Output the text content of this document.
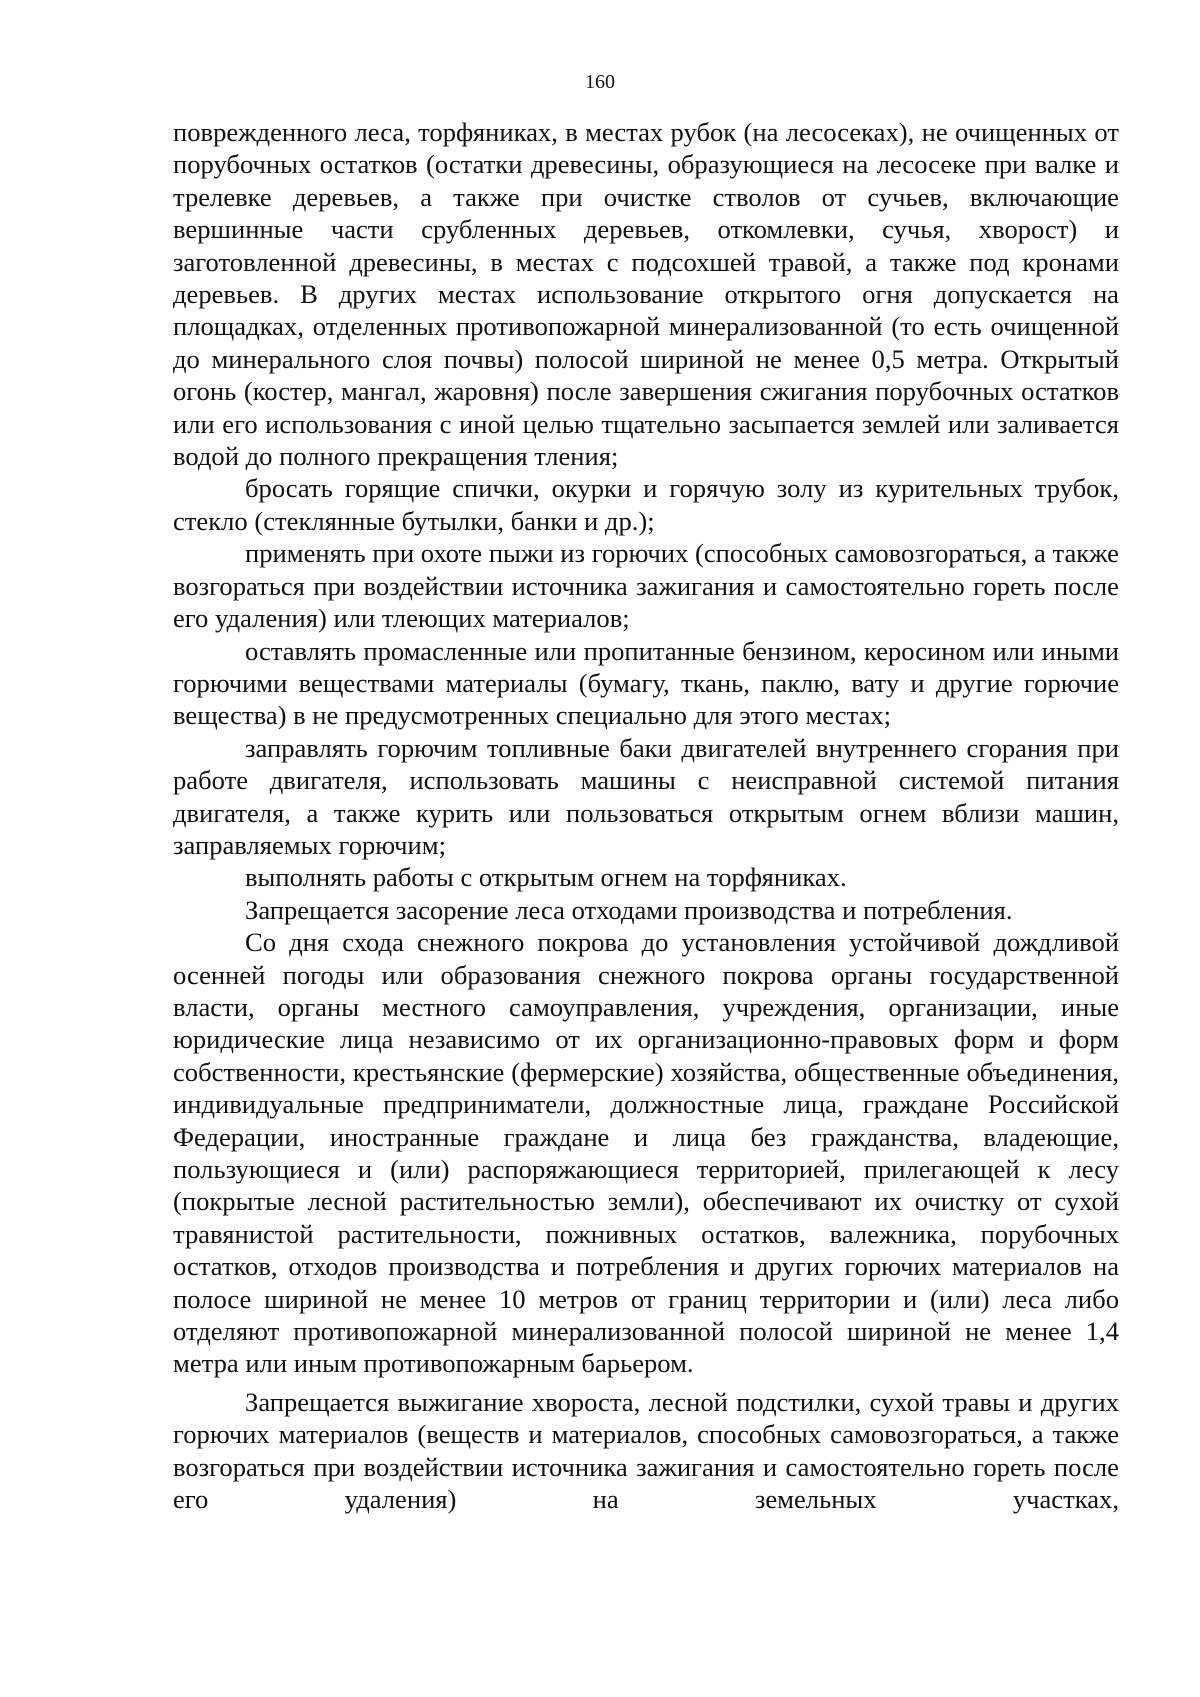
160

поврежденного леса, торфяниках, в местах рубок (на лесосеках), не очищенных от порубочных остатков (остатки древесины, образующиеся на лесосеке при валке и трелевке деревьев, а также при очистке стволов от сучьев, включающие вершинные части срубленных деревьев, откомлевки, сучья, хворост) и заготовленной древесины, в местах с подсохшей травой, а также под кронами деревьев. В других местах использование открытого огня допускается на площадках, отделенных противопожарной минерализованной (то есть очищенной до минерального слоя почвы) полосой шириной не менее 0,5 метра. Открытый огонь (костер, мангал, жаровня) после завершения сжигания порубочных остатков или его использования с иной целью тщательно засыпается землей или заливается водой до полного прекращения тления;

бросать горящие спички, окурки и горячую золу из курительных трубок, стекло (стеклянные бутылки, банки и др.);

применять при охоте пыжи из горючих (способных самовозгораться, а также возгораться при воздействии источника зажигания и самостоятельно гореть после его удаления) или тлеющих материалов;

оставлять промасленные или пропитанные бензином, керосином или иными горючими веществами материалы (бумагу, ткань, паклю, вату и другие горючие вещества) в не предусмотренных специально для этого местах;

заправлять горючим топливные баки двигателей внутреннего сгорания при работе двигателя, использовать машины с неисправной системой питания двигателя, а также курить или пользоваться открытым огнем вблизи машин, заправляемых горючим;

выполнять работы с открытым огнем на торфяниках.

Запрещается засорение леса отходами производства и потребления.

Со дня схода снежного покрова до установления устойчивой дождливой осенней погоды или образования снежного покрова органы государственной власти, органы местного самоуправления, учреждения, организации, иные юридические лица независимо от их организационно-правовых форм и форм собственности, крестьянские (фермерские) хозяйства, общественные объединения, индивидуальные предприниматели, должностные лица, граждане Российской Федерации, иностранные граждане и лица без гражданства, владеющие, пользующиеся и (или) распоряжающиеся территорией, прилегающей к лесу (покрытые лесной растительностью земли), обеспечивают их очистку от сухой травянистой растительности, пожнивных остатков, валежника, порубочных остатков, отходов производства и потребления и других горючих материалов на полосе шириной не менее 10 метров от границ территории и (или) леса либо отделяют противопожарной минерализованной полосой шириной не менее 1,4 метра или иным противопожарным барьером.

Запрещается выжигание хвороста, лесной подстилки, сухой травы и других горючих материалов (веществ и материалов, способных самовозгораться, а также возгораться при воздействии источника зажигания и самостоятельно гореть после его удаления) на земельных участках,
